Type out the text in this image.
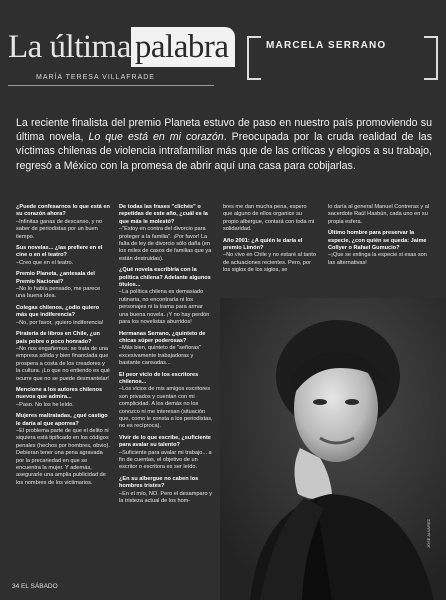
La última palabra
MARÍA TERESA VILLAFRADE
MARCELA SERRANO
La reciente finalista del premio Planeta estuvo de paso en nuestro país promoviendo su última novela, Lo que está en mi corazón. Preocupada por la cruda realidad de las víctimas chilenas de violencia intrafamiliar más que de las críticas y elogios a su trabajo, regresó a México con la promesa de abrir aquí una casa para cobijarlas.

¿Puede confesarnos lo que está en su corazón ahora?
–Infinitas ganas de descanso, y no saber de periodistas por un buen tiempo.

Sus novelas... ¿las prefiere en el cine o en el teatro?
–Creo que en el teatro.

Premio Planeta, ¿antesala del Premio Nacional?
–No lo había pensado, me parece una buena idea.

Colegas chilenos, ¿odio quiero más que indiferencia?
–No, por favor, ¡quiero indiferencia!

Piratería de libros en Chile, ¿un país pobre o poco honrado?
–No nos engañemos: se trata de una empresa sólida y bien financiada que prospera a costa de los creadores y la cultura. ¡Lo que no entiendo es qué ocurre que no se puede desmantelar!

Mencione a los autores chilenos nuevos que admira...
–Paso. No los he leído.

Mujeres maltratadas, ¿qué castigo le daría al que aporrea?
–El problema parte de que el delito ni siquiera está tipificado en los códigos penales (hechos por hombres, obvio). Debieran tener una pena agravada por la precariedad en que se encuentra la mujer. Y además, asegurarle una amplia publicidad de los nombres de los victimarios.

De todas las frases "clichés" o repetidas de este año, ¿cuál es la que más le molestó?
–"Estoy en contra del divorcio para proteger a la familia". ¡Por favor! La falta de ley de divorcio sólo daña (en los miles de casos de familias que ya están destruidas).

¿Qué novela escribiría con la política chilena? Adelante algunos títulos...
–La política chilena es demasiado rutinaria, no encontraría ni los personajes ni la trama para armar una buena novela. ¡Y no hay perdón para los novelistas aburridos!

Hermanas Serrano, ¿quinteto de chicas súper poderosas?
–Más bien, quinteto de "señoras" excesivamente trabajadoras y bastante cansadas...

El peor vicio de los escritores chilenos...
–Los vicios de mis amigos escritores son privados y cuentan con mi complicidad. A los demás no los conozco ni me interesan (situación que, como le consta a los periodistas, no es recíproca).

Vivir de lo que escribe, ¿suficiente para avalar su talento?
–Suficiente para avalar mi trabajo... a fin de cuentas, el objetivo de un escritor o escritora es ser leído.

¿En su albergue no caben los hombres tristes?
–En el mío, NO. Pero el desamparo y la tristeza actual de los hom-

bres me dan mucha pena, espero que alguno de ellos organice su propio albergue, contará con toda mi solidaridad.

Año 2001: ¿A quién le daría el premio Limón?
–No vivo en Chile y no estaré al tanto de actuaciones recientes. Pero, por los siglos de los siglos, se

lo daría al general Manuel Contreras y al sacerdote Raúl Hasbún, cada uno en su propia esfera.

Último hombre para preservar la especie, ¿con quién se queda: Jaime Collyer o Rafael Gumucio?
–¡Que se extinga la especie si esas son las alternativas!

JOSÉ ALVAREZ
34 EL SÁBADO
